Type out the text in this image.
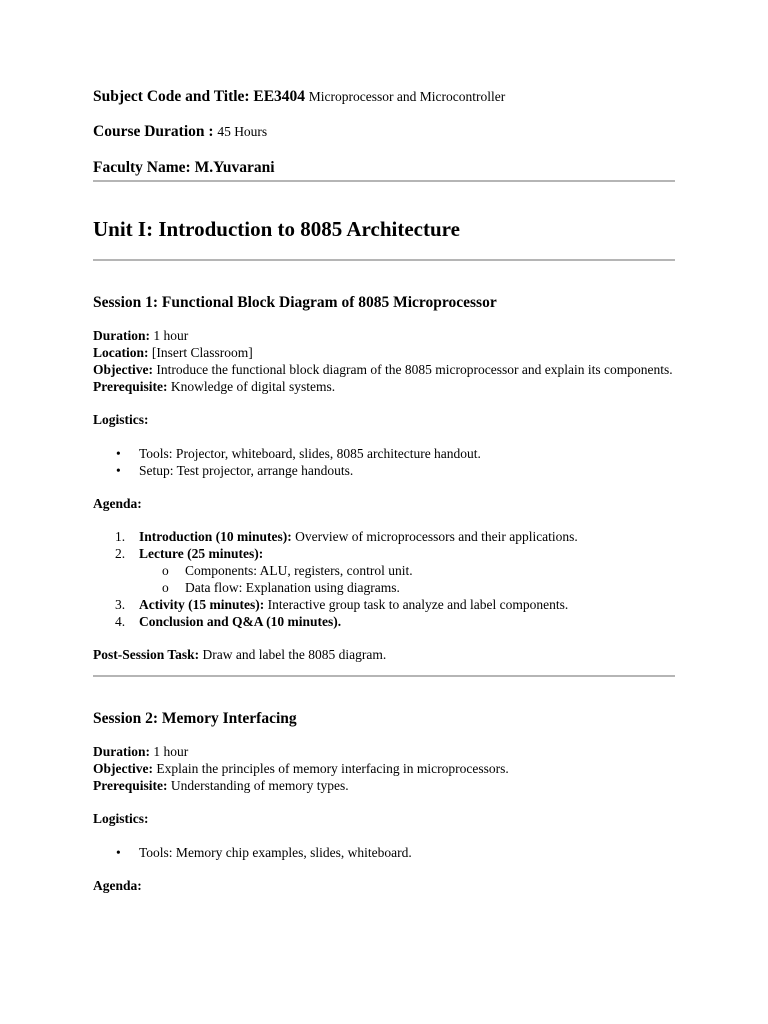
Subject Code and Title: EE3404 Microprocessor and Microcontroller

Course Duration : 45 Hours

Faculty Name: M.Yuvarani

Unit I: Introduction to 8085 Architecture
Session 1: Functional Block Diagram of 8085 Microprocessor

Duration: 1 hour

Location: [Insert Classroom]

Objective: Introduce the functional block diagram of the 8085 microprocessor and explain its components.

Prerequisite: Knowledge of digital systems.

Logistics:

• Tools: Projector, whiteboard, slides, 8085 architecture handout.
• Setup: Test projector, arrange handouts.

Agenda:

1. Introduction (10 minutes): Overview of microprocessors and their applications.
2. Lecture (25 minutes):
o Components: ALU, registers, control unit.
o Data flow: Explanation using diagrams.
3. Activity (15 minutes): Interactive group task to analyze and label components.
4. Conclusion and Q&A (10 minutes).

Post-Session Task: Draw and label the 8085 diagram.

Session 2: Memory Interfacing

Duration: 1 hour

Objective: Explain the principles of memory interfacing in microprocessors.

Prerequisite: Understanding of memory types.

Logistics:

• Tools: Memory chip examples, slides, whiteboard.

Agenda:
